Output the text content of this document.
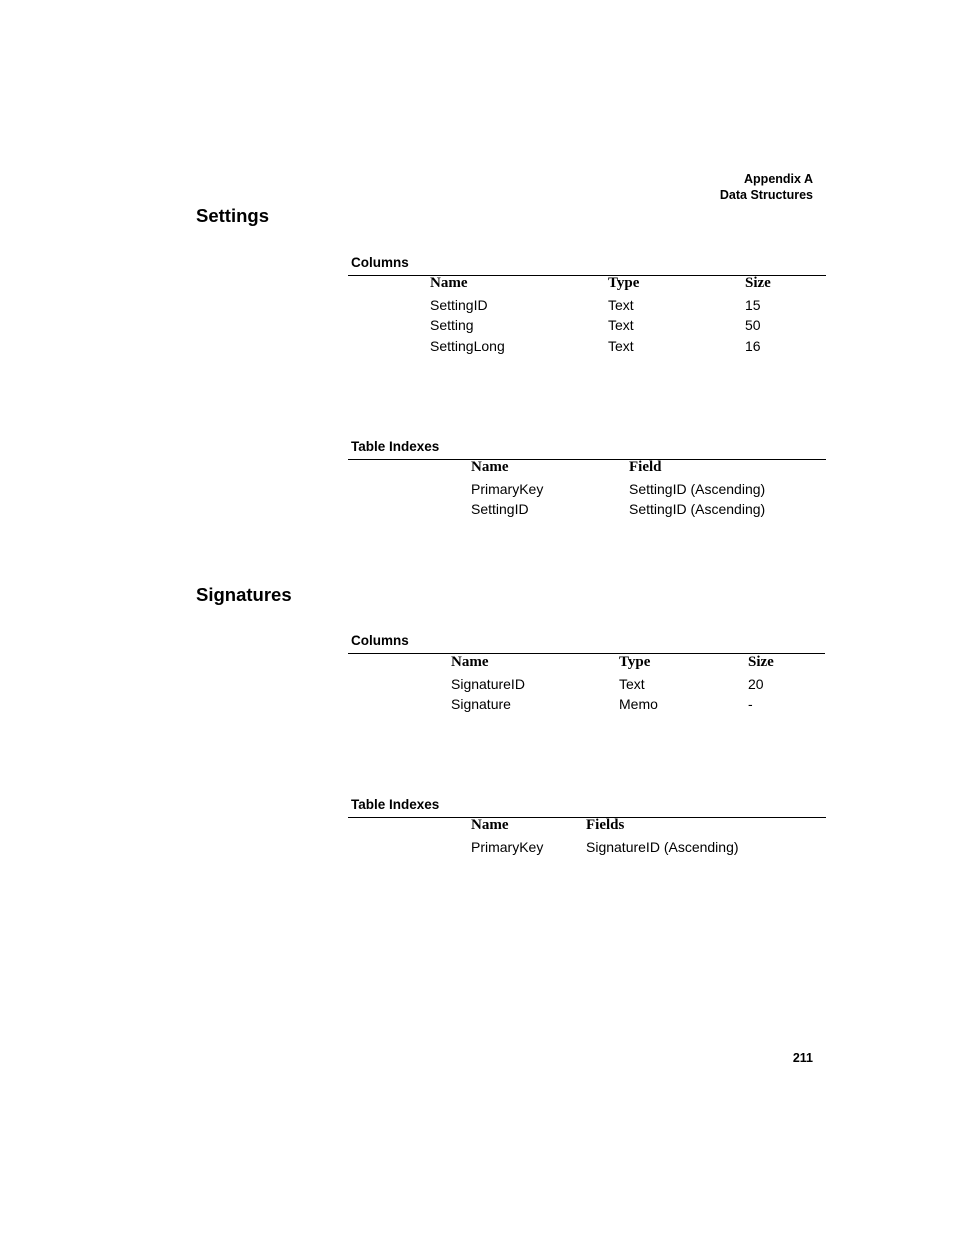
Appendix A
Data Structures
Settings
Columns
Name	Type	Size
SettingID	Text	15
Setting	Text	50
SettingLong	Text	16
Table Indexes
Name	Field
PrimaryKey	SettingID (Ascending)
SettingID	SettingID (Ascending)
Signatures
Columns
Name	Type	Size
SignatureID	Text	20
Signature	Memo	-
Table Indexes
Name	Fields
PrimaryKey	SignatureID (Ascending)
211
